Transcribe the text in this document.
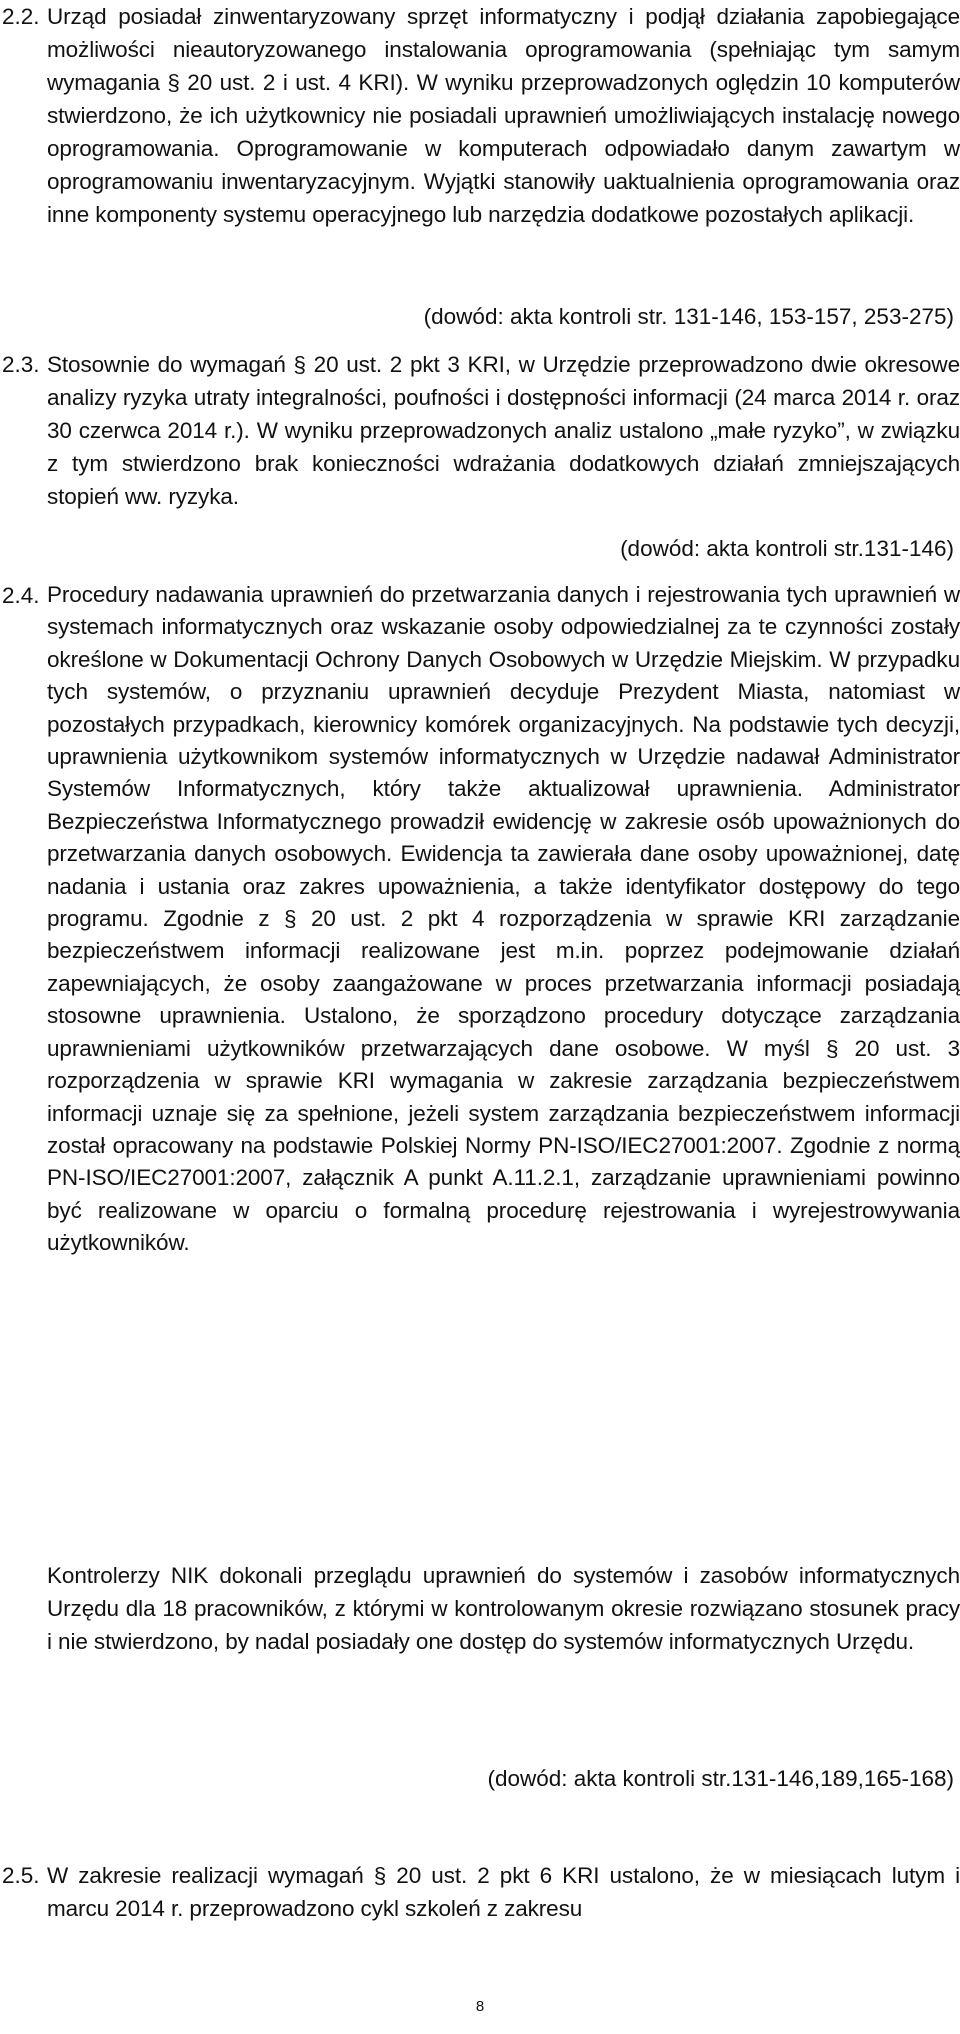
2.2. Urząd posiadał zinwentaryzowany sprzęt informatyczny i podjął działania zapobiegające możliwości nieautoryzowanego instalowania oprogramowania (spełniając tym samym wymagania § 20 ust. 2 i ust. 4 KRI). W wyniku przeprowadzonych oględzin 10 komputerów stwierdzono, że ich użytkownicy nie posiadali uprawnień umożliwiających instalację nowego oprogramowania. Oprogramowanie w komputerach odpowiadało danym zawartym w oprogramowaniu inwentaryzacyjnym. Wyjątki stanowiły uaktualnienia oprogramowania oraz inne komponenty systemu operacyjnego lub narzędzia dodatkowe pozostałych aplikacji.

(dowód: akta kontroli str. 131-146, 153-157, 253-275)
2.3. Stosownie do wymagań § 20 ust. 2 pkt 3 KRI, w Urzędzie przeprowadzono dwie okresowe analizy ryzyka utraty integralności, poufności i dostępności informacji (24 marca 2014 r. oraz 30 czerwca 2014 r.). W wyniku przeprowadzonych analiz ustalono „małe ryzyko”, w związku z tym stwierdzono brak konieczności wdrażania dodatkowych działań zmniejszających stopień ww. ryzyka.

(dowód: akta kontroli str.131-146)
2.4. Procedury nadawania uprawnień do przetwarzania danych i rejestrowania tych uprawnień w systemach informatycznych oraz wskazanie osoby odpowiedzialnej za te czynności zostały określone w Dokumentacji Ochrony Danych Osobowych w Urzędzie Miejskim. W przypadku tych systemów, o przyznaniu uprawnień decyduje Prezydent Miasta, natomiast w pozostałych przypadkach, kierownicy komórek organizacyjnych. Na podstawie tych decyzji, uprawnienia użytkownikom systemów informatycznych w Urzędzie nadawał Administrator Systemów Informatycznych, który także aktualizował uprawnienia. Administrator Bezpieczeństwa Informatycznego prowadził ewidencję w zakresie osób upoważnionych do przetwarzania danych osobowych. Ewidencja ta zawierała dane osoby upoważnionej, datę nadania i ustania oraz zakres upoważnienia, a także identyfikator dostępowy do tego programu. Zgodnie z § 20 ust. 2 pkt 4 rozporządzenia w sprawie KRI zarządzanie bezpieczeństwem informacji realizowane jest m.in. poprzez podejmowanie działań zapewniających, że osoby zaangażowane w proces przetwarzania informacji posiadają stosowne uprawnienia. Ustalono, że sporządzono procedury dotyczące zarządzania uprawnieniami użytkowników przetwarzających dane osobowe. W myśl § 20 ust. 3 rozporządzenia w sprawie KRI wymagania w zakresie zarządzania bezpieczeństwem informacji uznaje się za spełnione, jeżeli system zarządzania bezpieczeństwem informacji został opracowany na podstawie Polskiej Normy PN-ISO/IEC27001:2007. Zgodnie z normą PN-ISO/IEC27001:2007, załącznik A punkt A.11.2.1, zarządzanie uprawnieniami powinno być realizowane w oparciu o formalną procedurę rejestrowania i wyrejestrowywania użytkowników.

Kontrolerzy NIK dokonali przeglądu uprawnień do systemów i zasobów informatycznych Urzędu dla 18 pracowników, z którymi w kontrolowanym okresie rozwiązano stosunek pracy i nie stwierdzono, by nadal posiadały one dostęp do systemów informatycznych Urzędu.

(dowód: akta kontroli str.131-146,189,165-168)
2.5. W zakresie realizacji wymagań § 20 ust. 2 pkt 6 KRI ustalono, że w miesiącach lutym i marcu 2014 r. przeprowadzono cykl szkoleń z zakresu

8
